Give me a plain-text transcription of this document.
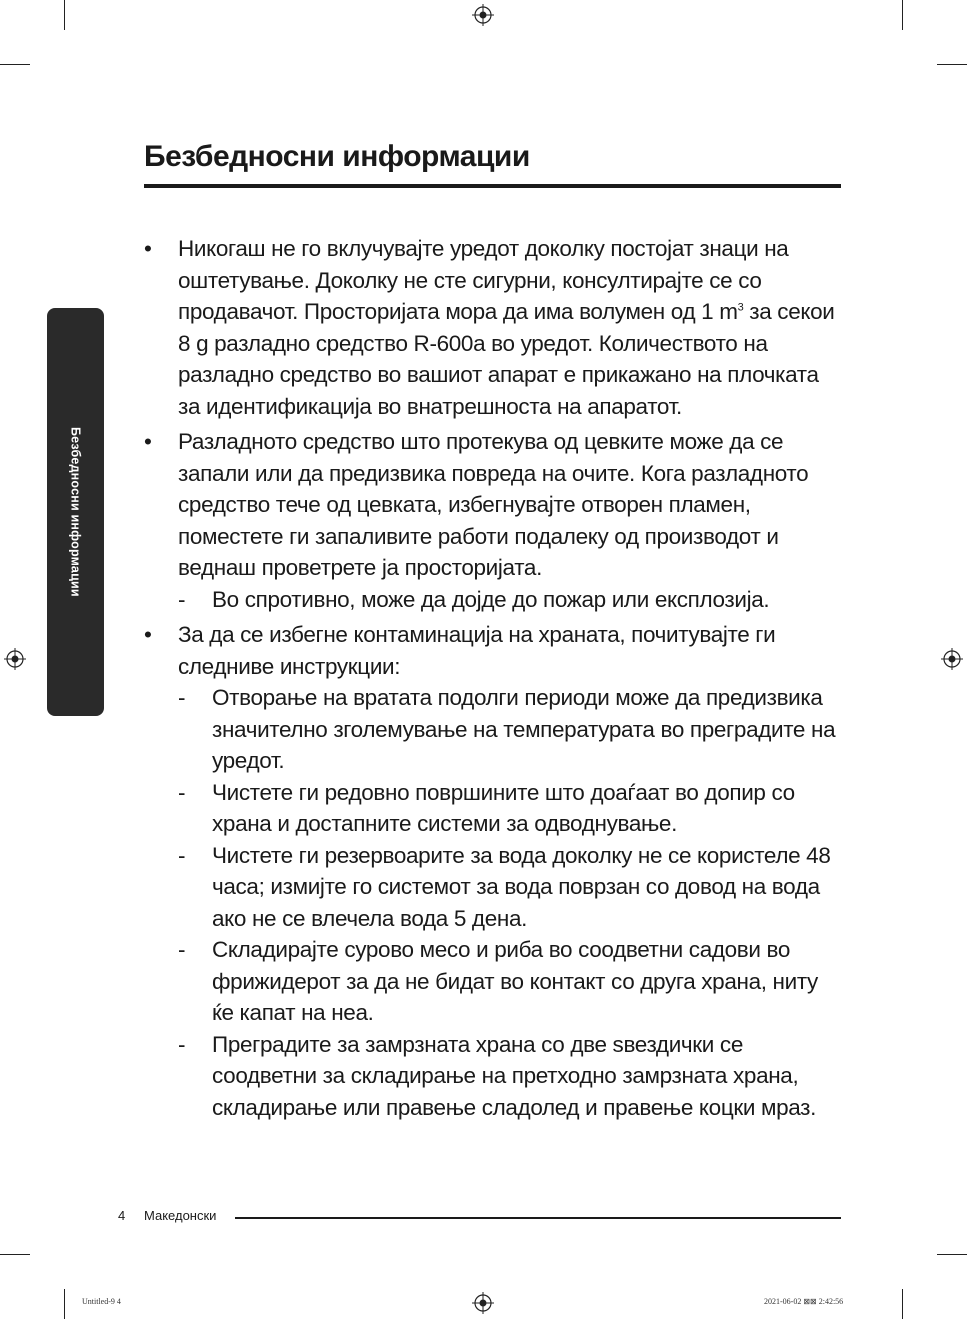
Безбедносни информации
Безбедносни информации
• Никогаш не го вклучувајте уредот доколку постојат знаци на оштетување. Доколку не сте сигурни, консултирајте се со продавачот. Просторијата мора да има волумен од 1 $m^3$ за секои 8 g разладно средство R-600a во уредот. Количеството на разладно средство во вашиот апарат е прикажано на плочката за идентификација во внатрешноста на апаратот.
• Разладното средство што протекува од цевките може да се запали или да предизвика повреда на очите. Кога разладното средство тече од цевката, избегнувајте отворен пламен, поместете ги запаливите работи подалеку од производот и веднаш проветрете ја просторијата.
- Во спротивно, може да дојде до пожар или експлозија.
• За да се избегне контаминација на храната, почитувајте ги следниве инструкции:
- Отворање на вратата подолги периоди може да предизвика значително зголемување на температурата во преградите на уредот.
- Чистете ги редовно површините што доаѓаат во допир со храна и достапните системи за одводнување.
- Чистете ги резервоарите за вода доколку не се користеле 48 часа; измијте го системот за вода поврзан со довод на вода ако не се влечела вода 5 дена.
- Складирајте сурово месо и риба во соодветни садови во фрижидерот за да не бидат во контакт со друга храна, ниту ќе капат на неа.
- Преградите за замрзната храна со две ѕвездички се соодветни за складирање на претходно замрзната храна, складирање или правење сладолед и правење коцки мраз.
4 Македонски
Untitled-9 4	2021-06-02 ⊠⊠ 2:42:56
